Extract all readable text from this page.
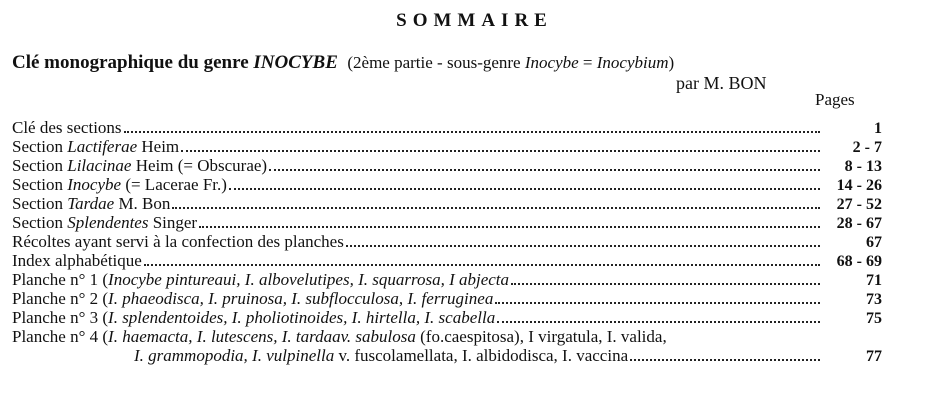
SOMMAIRE
Clé monographique du genre INOCYBE (2ème partie - sous-genre Inocybe = Inocybium)
par M. BON
Pages
Clé des sections	1
Section Lactiferae Heim	2 - 7
Section Lilacinae Heim (= Obscurae)	8 - 13
Section Inocybe (= Lacerae Fr.)	14 - 26
Section Tardae M. Bon	27 - 52
Section Splendentes Singer	28 - 67
Récoltes ayant servi à la confection des planches	67
Index alphabétique	68 - 69
Planche n° 1 (Inocybe pintureaui, I. albovelutipes, I. squarrosa, I abjecta	71
Planche n° 2 (I. phaeodisca, I. pruinosa, I. subflocculosa, I. ferruginea	73
Planche n° 3 (I. splendentoides, I. pholiotinoides, I. hirtella, I. scabella	75
Planche n° 4 (I. haemacta, I. lutescens, I. tardaav. sabulosa (fo.caespitosa), I virgatula, I. valida,
I. grammopodia, I. vulpinella v. fuscolamellata, I. albidodisca, I. vaccina	77
